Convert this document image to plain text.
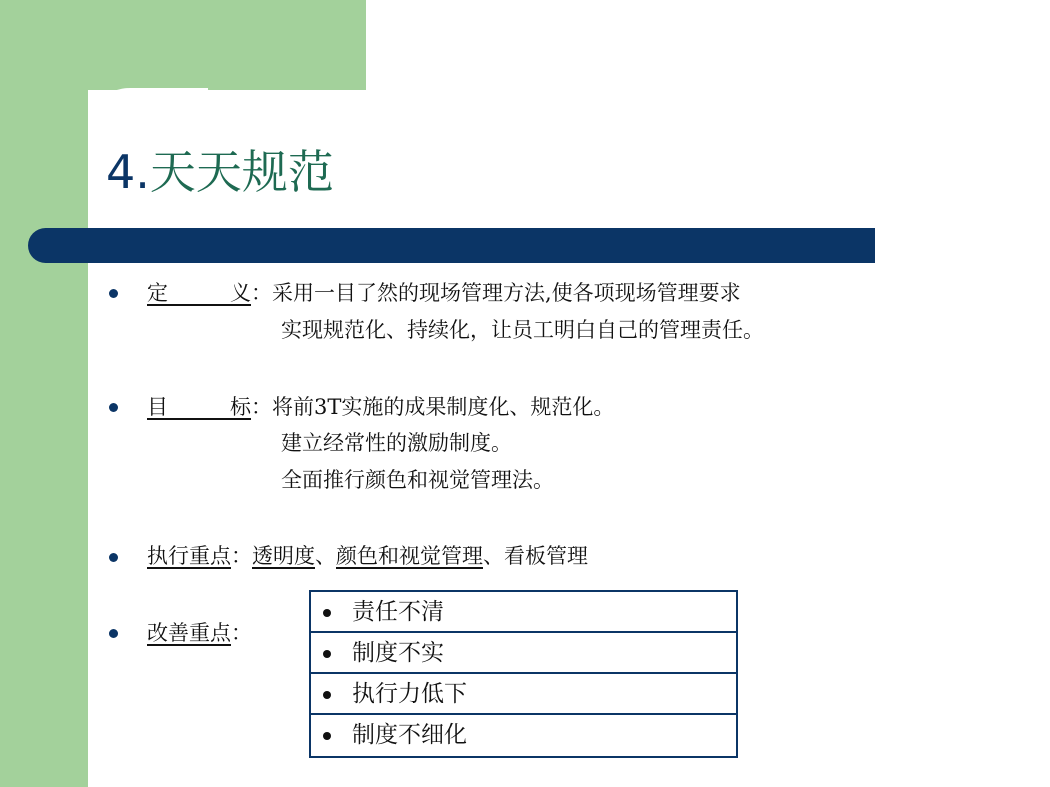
4.天天规范
定义：采用一目了然的现场管理方法,使各项现场管理要求
实现规范化、持续化，让员工明白自己的管理责任。
目标：将前3T实施的成果制度化、规范化。
建立经常性的激励制度。
全面推行颜色和视觉管理法。
执行重点：透明度、颜色和视觉管理、看板管理
改善重点：
责任不清
制度不实
执行力低下
制度不细化
